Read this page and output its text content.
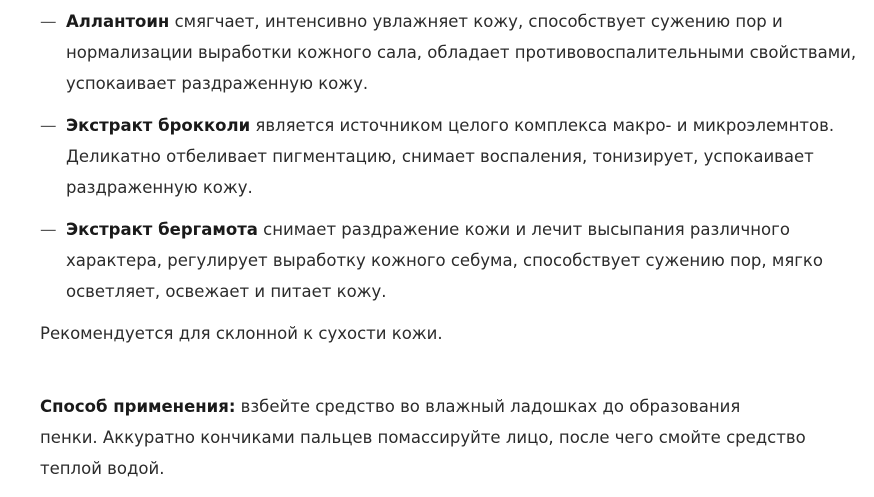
— Аллантоин смягчает, интенсивно увлажняет кожу, способствует сужению пор и
нормализации выработки кожного сала, обладает противовоспалительными свойствами,
успокаивает раздраженную кожу.
— Экстракт брокколи является источником целого комплекса макро- и микроэлемнтов.
Деликатно отбеливает пигментацию, снимает воспаления, тонизирует, успокаивает
раздраженную кожу.
— Экстракт бергамота снимает раздражение кожи и лечит высыпания различного
характера, регулирует выработку кожного себума, способствует сужению пор, мягко
осветляет, освежает и питает кожу.

Рекомендуется для склонной к сухости кожи.

Способ применения: взбейте средство во влажный ладошках до образования
пенки. Аккуратно кончиками пальцев помассируйте лицо, после чего смойте средство
теплой водой.
